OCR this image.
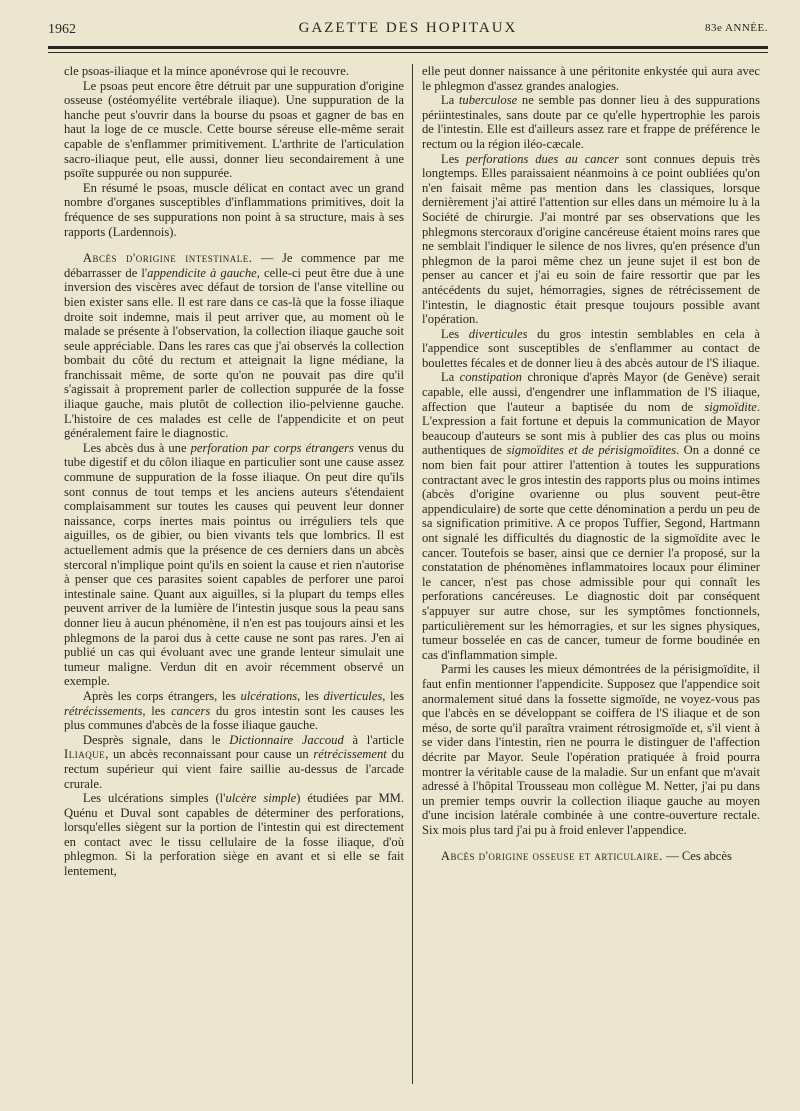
1962	GAZETTE DES HOPITAUX	83e ANNÉE.

cle psoas-iliaque et la mince aponévrose qui le recouvre.

Le psoas peut encore être détruit par une suppuration d'origine osseuse (ostéomyélite vertébrale iliaque). Une suppuration de la hanche peut s'ouvrir dans la bourse du psoas et gagner de bas en haut la loge de ce muscle. Cette bourse séreuse elle-même serait capable de s'enflammer primitivement. L'arthrite de l'articulation sacro-iliaque peut, elle aussi, donner lieu secondairement à une psoïte suppurée ou non suppurée.

En résumé le psoas, muscle délicat en contact avec un grand nombre d'organes susceptibles d'inflammations primitives, doit la fréquence de ses suppurations non point à sa structure, mais à ses rapports (Lardennois).

Abcès d'origine intestinale. — Je commence par me débarrasser de l'appendicite à gauche, celle-ci peut être due à une inversion des viscères avec défaut de torsion de l'anse vitelline ou bien exister sans elle. Il est rare dans ce cas-là que la fosse iliaque droite soit indemne, mais il peut arriver que, au moment où le malade se présente à l'observation, la collection iliaque gauche soit seule appréciable. Dans les rares cas que j'ai observés la collection bombait du côté du rectum et atteignait la ligne médiane, la franchissait même, de sorte qu'on ne pouvait pas dire qu'il s'agissait à proprement parler de collection suppurée de la fosse iliaque gauche, mais plutôt de collection ilio-pelvienne gauche. L'histoire de ces malades est celle de l'appendicite et on peut généralement faire le diagnostic.

Les abcès dus à une perforation par corps étrangers venus du tube digestif et du côlon iliaque en particulier sont une cause assez commune de suppuration de la fosse iliaque. On peut dire qu'ils sont connus de tout temps et les anciens auteurs s'étendaient complaisamment sur toutes les causes qui peuvent leur donner naissance, corps inertes mais pointus ou irréguliers tels que aiguilles, os de gibier, ou bien vivants tels que lombrics. Il est actuellement admis que la présence de ces derniers dans un abcès stercoral n'implique point qu'ils en soient la cause et rien n'autorise à penser que ces parasites soient capables de perforer une paroi intestinale saine. Quant aux aiguilles, si la plupart du temps elles peuvent arriver de la lumière de l'intestin jusque sous la peau sans donner lieu à aucun phénomène, il n'en est pas toujours ainsi et les phlegmons de la paroi dus à cette cause ne sont pas rares. J'en ai publié un cas qui évoluant avec une grande lenteur simulait une tumeur maligne. Verdun dit en avoir récemment observé un exemple.

Après les corps étrangers, les ulcérations, les diverticules, les rétrécissements, les cancers du gros intestin sont les causes les plus communes d'abcès de la fosse iliaque gauche.

Desprès signale, dans le Dictionnaire Jaccoud à l'article Iliaque, un abcès reconnaissant pour cause un rétrécissement du rectum supérieur qui vient faire saillie au-dessus de l'arcade crurale.

Les ulcérations simples (l'ulcère simple) étudiées par MM. Quénu et Duval sont capables de déterminer des perforations, lorsqu'elles siègent sur la portion de l'intestin qui est directement en contact avec le tissu cellulaire de la fosse iliaque, d'où phlegmon. Si la perforation siège en avant et si elle se fait lentement,

elle peut donner naissance à une péritonite enkystée qui aura avec le phlegmon d'assez grandes analogies.

La tuberculose ne semble pas donner lieu à des suppurations périintestinales, sans doute par ce qu'elle hypertrophie les parois de l'intestin. Elle est d'ailleurs assez rare et frappe de préférence le rectum ou la région iléo-cæcale.

Les perforations dues au cancer sont connues depuis très longtemps. Elles paraissaient néanmoins à ce point oubliées qu'on n'en faisait même pas mention dans les classiques, lorsque dernièrement j'ai attiré l'attention sur elles dans un mémoire lu à la Société de chirurgie. J'ai montré par ses observations que les phlegmons stercoraux d'origine cancéreuse étaient moins rares que ne semblait l'indiquer le silence de nos livres, qu'en présence d'un phlegmon de la paroi même chez un jeune sujet il est bon de penser au cancer et j'ai eu soin de faire ressortir que par les antécédents du sujet, hémorragies, signes de rétrécissement de l'intestin, le diagnostic était presque toujours possible avant l'opération.

Les diverticules du gros intestin semblables en cela à l'appendice sont susceptibles de s'enflammer au contact de boulettes fécales et de donner lieu à des abcès autour de l'S iliaque.

La constipation chronique d'après Mayor (de Genève) serait capable, elle aussi, d'engendrer une inflammation de l'S iliaque, affection que l'auteur a baptisée du nom de sigmoïdite. L'expression a fait fortune et depuis la communication de Mayor beaucoup d'auteurs se sont mis à publier des cas plus ou moins authentiques de sigmoïdites et de périsigmoïdites. On a donné ce nom bien fait pour attirer l'attention à toutes les suppurations contractant avec le gros intestin des rapports plus ou moins intimes (abcès d'origine ovarienne ou plus souvent peut-être appendiculaire) de sorte que cette dénomination a perdu un peu de sa signification primitive. A ce propos Tuffier, Segond, Hartmann ont signalé les difficultés du diagnostic de la sigmoïdite avec le cancer. Toutefois se baser, ainsi que ce dernier l'a proposé, sur la constatation de phénomènes inflammatoires locaux pour éliminer le cancer, n'est pas chose admissible pour qui connaît les perforations cancéreuses. Le diagnostic doit par conséquent s'appuyer sur autre chose, sur les symptômes fonctionnels, particulièrement sur les hémorragies, et sur les signes physiques, tumeur bosselée en cas de cancer, tumeur de forme boudinée en cas d'inflammation simple.

Parmi les causes les mieux démontrées de la périsigmoïdite, il faut enfin mentionner l'appendicite. Supposez que l'appendice soit anormalement situé dans la fossette sigmoïde, ne voyez-vous pas que l'abcès en se développant se coiffera de l'S iliaque et de son méso, de sorte qu'il paraîtra vraiment rétrosigmoïde et, s'il vient à se vider dans l'intestin, rien ne pourra le distinguer de l'affection décrite par Mayor. Seule l'opération pratiquée à froid pourra montrer la véritable cause de la maladie. Sur un enfant que m'avait adressé à l'hôpital Trousseau mon collègue M. Netter, j'ai pu dans un premier temps ouvrir la collection iliaque gauche au moyen d'une incision latérale combinée à une contre-ouverture rectale. Six mois plus tard j'ai pu à froid enlever l'appendice.

Abcès d'origine osseuse et articulaire. — Ces abcès
